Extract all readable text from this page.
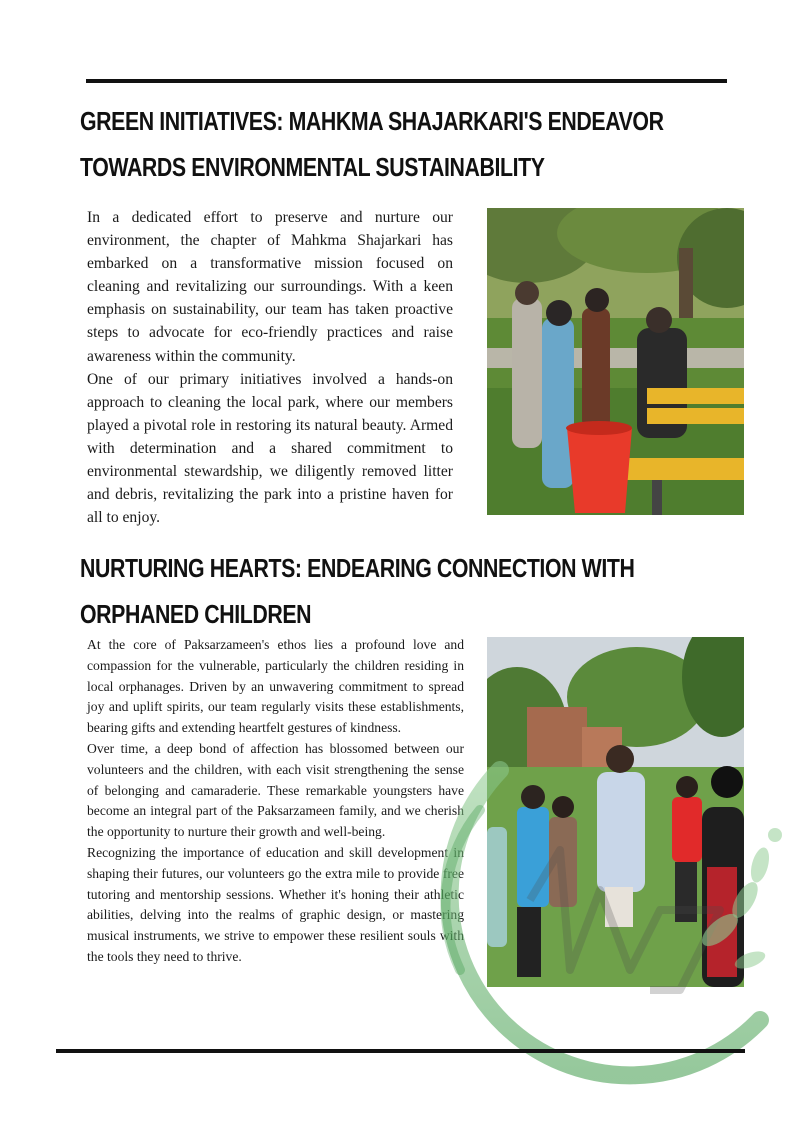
GREEN INITIATIVES: MAHKMA SHAJARKARI'S ENDEAVOR
TOWARDS ENVIRONMENTAL SUSTAINABILITY

In a dedicated effort to preserve and nurture our environment, the chapter of Mahkma Shajarkari has embarked on a transformative mission focused on cleaning and revitalizing our surroundings. With a keen emphasis on sustainability, our team has taken proactive steps to advocate for eco-friendly practices and raise awareness within the community.

One of our primary initiatives involved a hands-on approach to cleaning the local park, where our members played a pivotal role in restoring its natural beauty. Armed with determination and a shared commitment to environmental stewardship, we diligently removed litter and debris, revitalizing the park into a pristine haven for all to enjoy.

NURTURING HEARTS: ENDEARING CONNECTION WITH
ORPHANED CHILDREN

At the core of Paksarzameen's ethos lies a profound love and compassion for the vulnerable, particularly the children residing in local orphanages. Driven by an unwavering commitment to spread joy and uplift spirits, our team regularly visits these establishments, bearing gifts and extending heartfelt gestures of kindness.

Over time, a deep bond of affection has blossomed between our volunteers and the children, with each visit strengthening the sense of belonging and camaraderie. These remarkable youngsters have become an integral part of the Paksarzameen family, and we cherish the opportunity to nurture their growth and well-being.

Recognizing the importance of education and skill development in shaping their futures, our volunteers go the extra mile to provide free tutoring and mentorship sessions. Whether it's honing their athletic abilities, delving into the realms of graphic design, or mastering musical instruments, we strive to empower these resilient souls with the tools they need to thrive.
